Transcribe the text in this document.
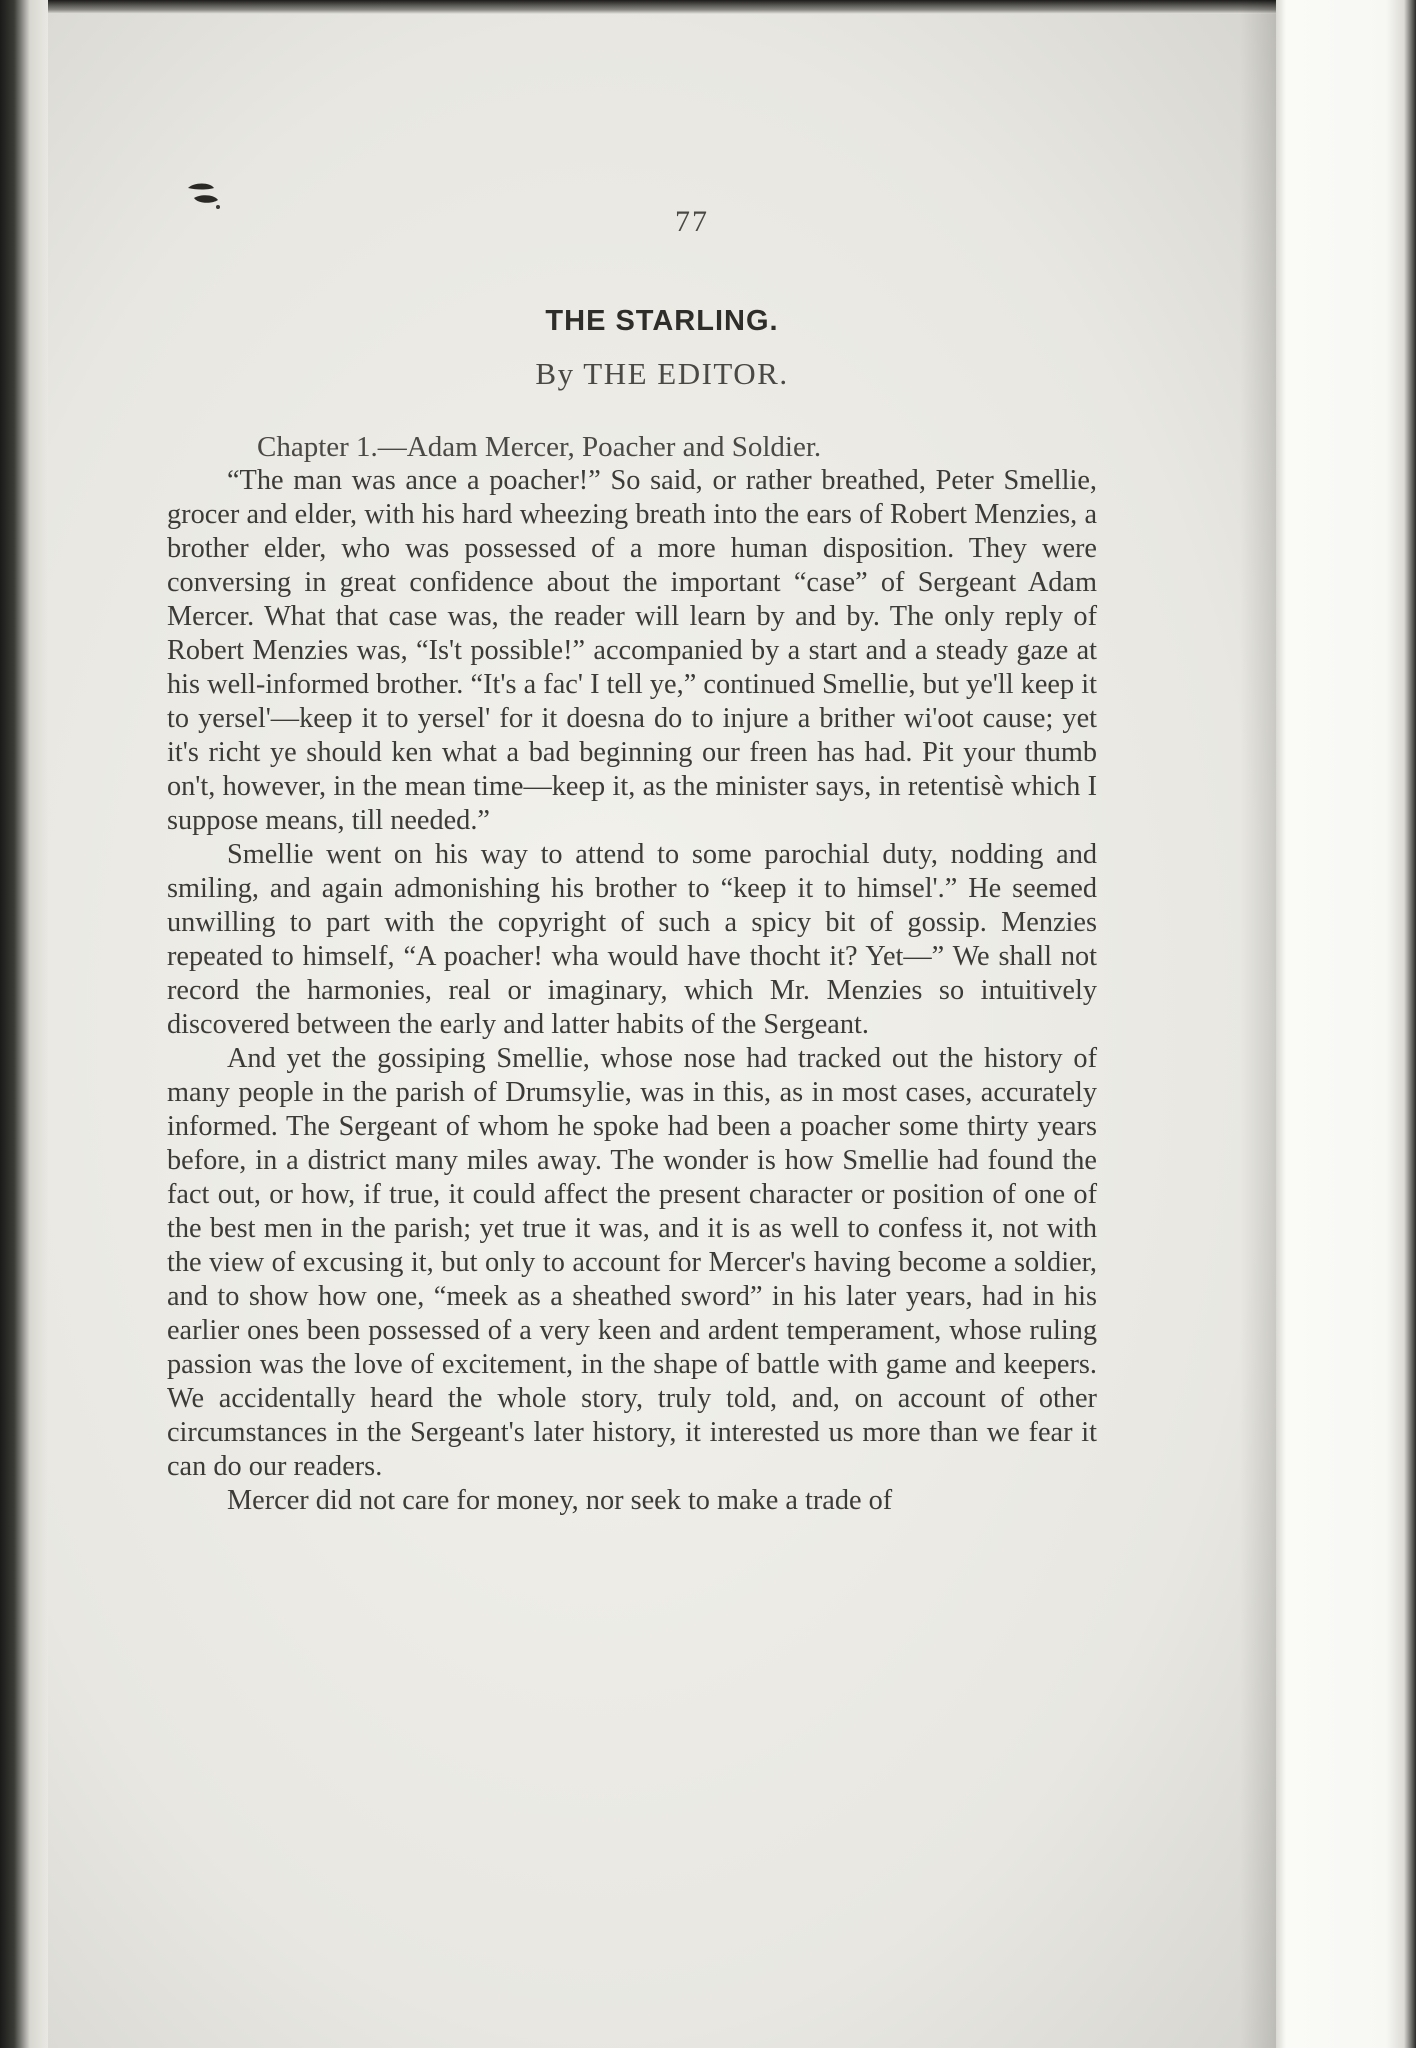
77
THE STARLING.
By THE EDITOR.

Chapter 1.—Adam Mercer, Poacher and Soldier.

“The man was ance a poacher!” So said, or rather breathed, Peter Smellie, grocer and elder, with his hard wheezing breath into the ears of Robert Menzies, a brother elder, who was possessed of a more human disposition. They were conversing in great confidence about the important “case” of Sergeant Adam Mercer. What that case was, the reader will learn by and by. The only reply of Robert Menzies was, “Is't possible!” accompanied by a start and a steady gaze at his well-informed brother. “It's a fac' I tell ye,” continued Smellie, but ye'll keep it to yersel'—keep it to yersel' for it doesna do to injure a brither wi'oot cause; yet it's richt ye should ken what a bad beginning our freen has had. Pit your thumb on't, however, in the mean time—keep it, as the minister says, in retentisè which I suppose means, till needed.”

Smellie went on his way to attend to some parochial duty, nodding and smiling, and again admonishing his brother to “keep it to himsel'.” He seemed unwilling to part with the copyright of such a spicy bit of gossip. Menzies repeated to himself, “A poacher! wha would have thocht it? Yet—” We shall not record the harmonies, real or imaginary, which Mr. Menzies so intuitively discovered between the early and latter habits of the Sergeant.

And yet the gossiping Smellie, whose nose had tracked out the history of many people in the parish of Drumsylie, was in this, as in most cases, accurately informed. The Sergeant of whom he spoke had been a poacher some thirty years before, in a district many miles away. The wonder is how Smellie had found the fact out, or how, if true, it could affect the present character or position of one of the best men in the parish; yet true it was, and it is as well to confess it, not with the view of excusing it, but only to account for Mercer's having become a soldier, and to show how one, “meek as a sheathed sword” in his later years, had in his earlier ones been possessed of a very keen and ardent temperament, whose ruling passion was the love of excitement, in the shape of battle with game and keepers. We accidentally heard the whole story, truly told, and, on account of other circumstances in the Sergeant's later history, it interested us more than we fear it can do our readers.

Mercer did not care for money, nor seek to make a trade of
